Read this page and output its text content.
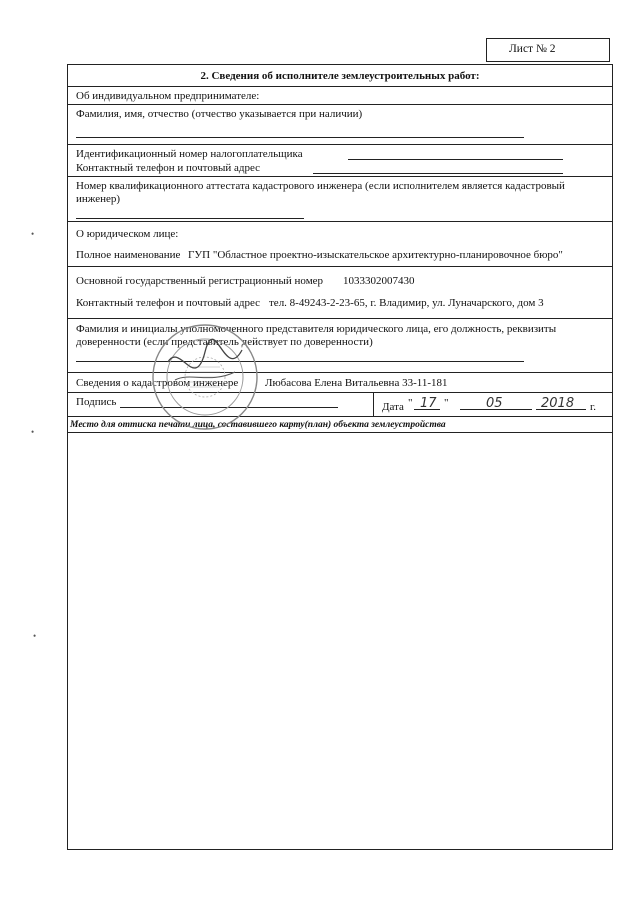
Лист № 2
2. Сведения об исполнителе землеустроительных работ:
Об индивидуальном предпринимателе:
Фамилия, имя, отчество (отчество указывается при наличии)
Идентификационный номер налогоплательщика
Контактный телефон и почтовый адрес
Номер квалификационного аттестата кадастрового инженера (если исполнителем является кадастровый инженер)
О юридическом лице:
Полное наименование ГУП "Областное проектно-изыскательское архитектурно-планировочное бюро"
Основной государственный регистрационный номер 1033302007430
Контактный телефон и почтовый адрес тел. 8-49243-2-23-65, г. Владимир, ул. Луначарского, дом 3
Фамилия и инициалы уполномоченного представителя юридического лица, его должность, реквизиты доверенности (если представитель действует по доверенности)
Сведения о кадастровом инженере Любасова Елена Витальевна 33-11-181
Подпись	Дата " 17 "	05	2018 г.
Место для оттиска печати лица, составившего карту(план) объекта землеустройства
•
•
•
